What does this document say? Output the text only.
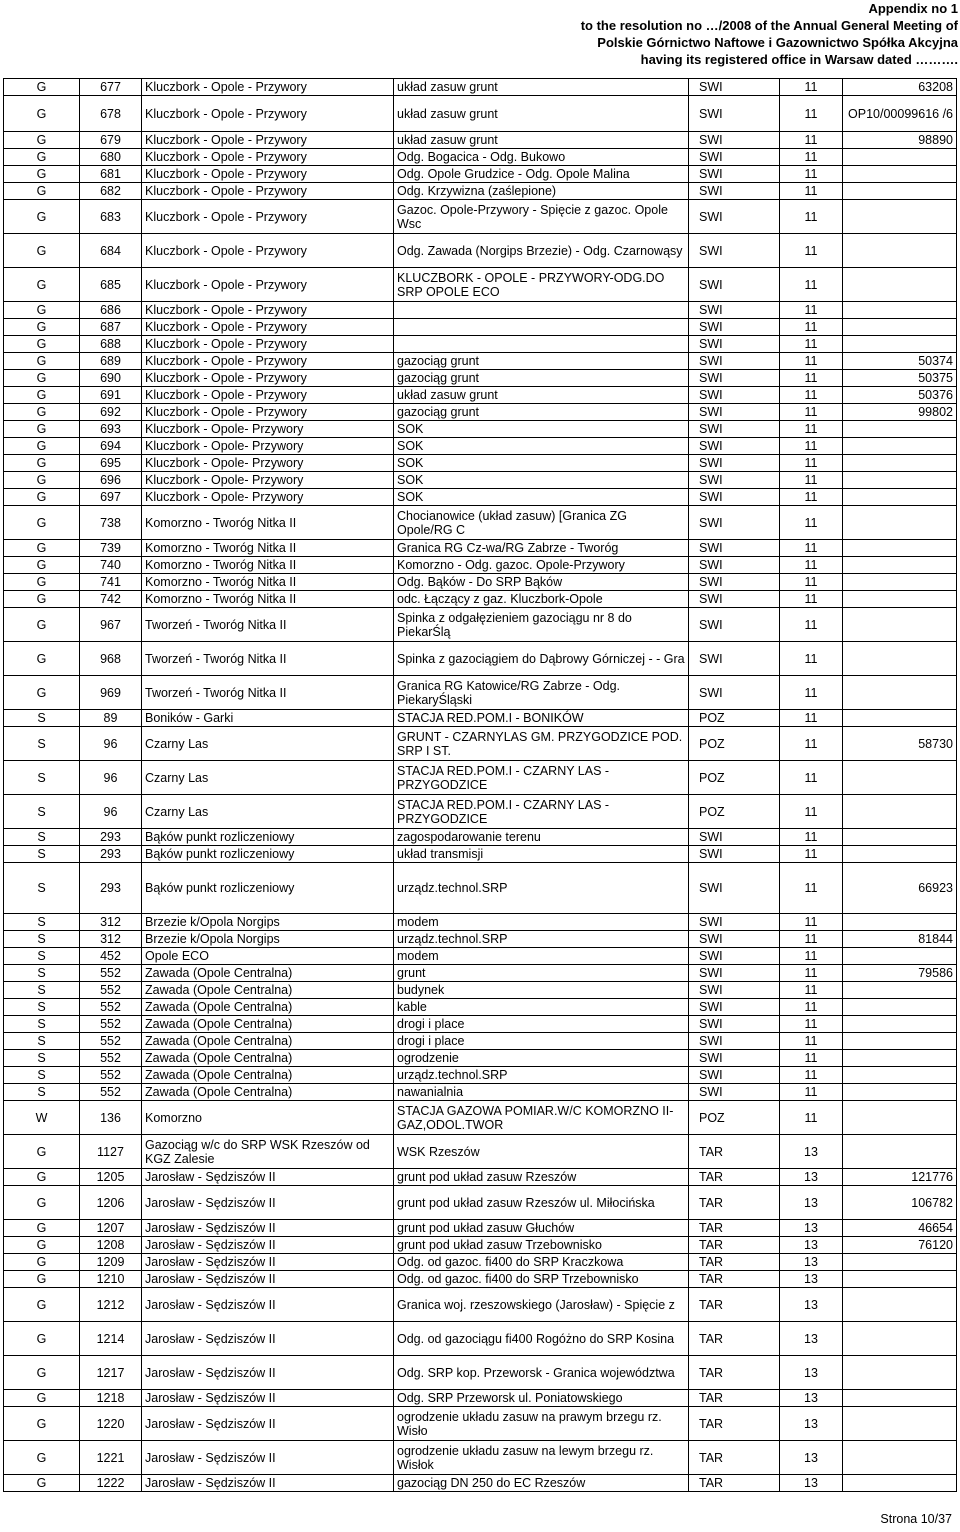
Appendix no 1
to the resolution no …/2008 of the Annual General Meeting of
Polskie Górnictwo Naftowe i Gazownictwo Spółka Akcyjna
having its registered office in Warsaw dated ……….
G	677	Kluczbork - Opole - Przywory	układ zasuw grunt	SWI	11	63208
G	678	Kluczbork - Opole - Przywory	układ zasuw grunt	SWI	11	OP10/00099616 /6
G	679	Kluczbork - Opole - Przywory	układ zasuw grunt	SWI	11	98890
G	680	Kluczbork - Opole - Przywory	Odg. Bogacica - Odg. Bukowo	SWI	11	
G	681	Kluczbork - Opole - Przywory	Odg. Opole Grudzice - Odg. Opole Malina	SWI	11	
G	682	Kluczbork - Opole - Przywory	Odg. Krzywizna (zaślepione)	SWI	11	
G	683	Kluczbork - Opole - Przywory	Gazoc. Opole-Przywory - Spięcie z gazoc. Opole Wsc	SWI	11	
G	684	Kluczbork - Opole - Przywory	Odg. Zawada (Norgips Brzezie) - Odg. Czarnowąsy	SWI	11	
G	685	Kluczbork - Opole - Przywory	KLUCZBORK - OPOLE - PRZYWORY-ODG.DO SRP OPOLE ECO	SWI	11	
G	686	Kluczbork - Opole - Przywory		SWI	11	
G	687	Kluczbork - Opole - Przywory		SWI	11	
G	688	Kluczbork - Opole - Przywory		SWI	11	
G	689	Kluczbork - Opole - Przywory	gazociąg grunt	SWI	11	50374
G	690	Kluczbork - Opole - Przywory	gazociąg grunt	SWI	11	50375
G	691	Kluczbork - Opole - Przywory	układ zasuw grunt	SWI	11	50376
G	692	Kluczbork - Opole - Przywory	gazociąg grunt	SWI	11	99802
G	693	Kluczbork - Opole- Przywory	SOK	SWI	11	
G	694	Kluczbork - Opole- Przywory	SOK	SWI	11	
G	695	Kluczbork - Opole- Przywory	SOK	SWI	11	
G	696	Kluczbork - Opole- Przywory	SOK	SWI	11	
G	697	Kluczbork - Opole- Przywory	SOK	SWI	11	
G	738	Komorzno - Tworóg Nitka II	Chocianowice (układ zasuw) [Granica ZG Opole/RG C	SWI	11	
G	739	Komorzno - Tworóg Nitka II	Granica RG Cz-wa/RG Zabrze - Tworóg	SWI	11	
G	740	Komorzno - Tworóg Nitka II	Komorzno - Odg. gazoc. Opole-Przywory	SWI	11	
G	741	Komorzno - Tworóg Nitka II	Odg. Bąków - Do SRP Bąków	SWI	11	
G	742	Komorzno - Tworóg Nitka II	odc. Łączący z gaz. Kluczbork-Opole	SWI	11	
G	967	Tworzeń - Tworóg Nitka II	Spinka z odgałęzieniem gazociągu nr 8 do PiekarŚlą	SWI	11	
G	968	Tworzeń - Tworóg Nitka II	Spinka z gazociągiem do Dąbrowy Górniczej - - Gra	SWI	11	
G	969	Tworzeń - Tworóg Nitka II	Granica RG Katowice/RG Zabrze - Odg. PiekaryŚląski	SWI	11	
S	89	Boników - Garki	STACJA RED.POM.I - BONIKÓW	POZ	11	
S	96	Czarny Las	GRUNT - CZARNYLAS GM. PRZYGODZICE POD. SRP I ST.	POZ	11	58730
S	96	Czarny Las	STACJA RED.POM.I - CZARNY LAS - PRZYGODZICE	POZ	11	
S	96	Czarny Las	STACJA RED.POM.I - CZARNY LAS - PRZYGODZICE	POZ	11	
S	293	Bąków punkt rozliczeniowy	zagospodarowanie terenu	SWI	11	
S	293	Bąków punkt rozliczeniowy	układ transmisji	SWI	11	
S	293	Bąków punkt rozliczeniowy	urządz.technol.SRP	SWI	11	66923
S	312	Brzezie k/Opola Norgips	modem	SWI	11	
S	312	Brzezie k/Opola Norgips	urządz.technol.SRP	SWI	11	81844
S	452	Opole ECO	modem	SWI	11	
S	552	Zawada (Opole Centralna)	grunt	SWI	11	79586
S	552	Zawada (Opole Centralna)	budynek	SWI	11	
S	552	Zawada (Opole Centralna)	kable	SWI	11	
S	552	Zawada (Opole Centralna)	drogi i place	SWI	11	
S	552	Zawada (Opole Centralna)	drogi i place	SWI	11	
S	552	Zawada (Opole Centralna)	ogrodzenie	SWI	11	
S	552	Zawada (Opole Centralna)	urządz.technol.SRP	SWI	11	
S	552	Zawada (Opole Centralna)	nawanialnia	SWI	11	
W	136	Komorzno	STACJA GAZOWA POMIAR.W/C KOMORZNO II-GAZ,ODOL.TWOR	POZ	11	
G	1127	Gazociąg w/c do SRP WSK Rzeszów od KGZ Zalesie	WSK Rzeszów	TAR	13	
G	1205	Jarosław - Sędziszów II	grunt pod układ zasuw Rzeszów	TAR	13	121776
G	1206	Jarosław - Sędziszów II	grunt pod układ zasuw Rzeszów ul. Miłocińska	TAR	13	106782
G	1207	Jarosław - Sędziszów II	grunt pod układ zasuw Głuchów	TAR	13	46654
G	1208	Jarosław - Sędziszów II	grunt pod układ zasuw Trzebownisko	TAR	13	76120
G	1209	Jarosław - Sędziszów II	Odg. od gazoc. fi400 do SRP Kraczkowa	TAR	13	
G	1210	Jarosław - Sędziszów II	Odg. od gazoc. fi400 do SRP Trzebownisko	TAR	13	
G	1212	Jarosław - Sędziszów II	Granica woj. rzeszowskiego (Jarosław) - Spięcie z	TAR	13	
G	1214	Jarosław - Sędziszów II	Odg. od gazociągu fi400 Rogóżno do SRP Kosina	TAR	13	
G	1217	Jarosław - Sędziszów II	Odg. SRP kop. Przeworsk - Granica województwa	TAR	13	
G	1218	Jarosław - Sędziszów II	Odg. SRP Przeworsk ul. Poniatowskiego	TAR	13	
G	1220	Jarosław - Sędziszów II	ogrodzenie układu zasuw na prawym brzegu rz. Wisło	TAR	13	
G	1221	Jarosław - Sędziszów II	ogrodzenie układu zasuw na lewym brzegu rz. Wisłok	TAR	13	
G	1222	Jarosław - Sędziszów II	gazociąg DN 250 do EC Rzeszów	TAR	13	
Strona 10/37
